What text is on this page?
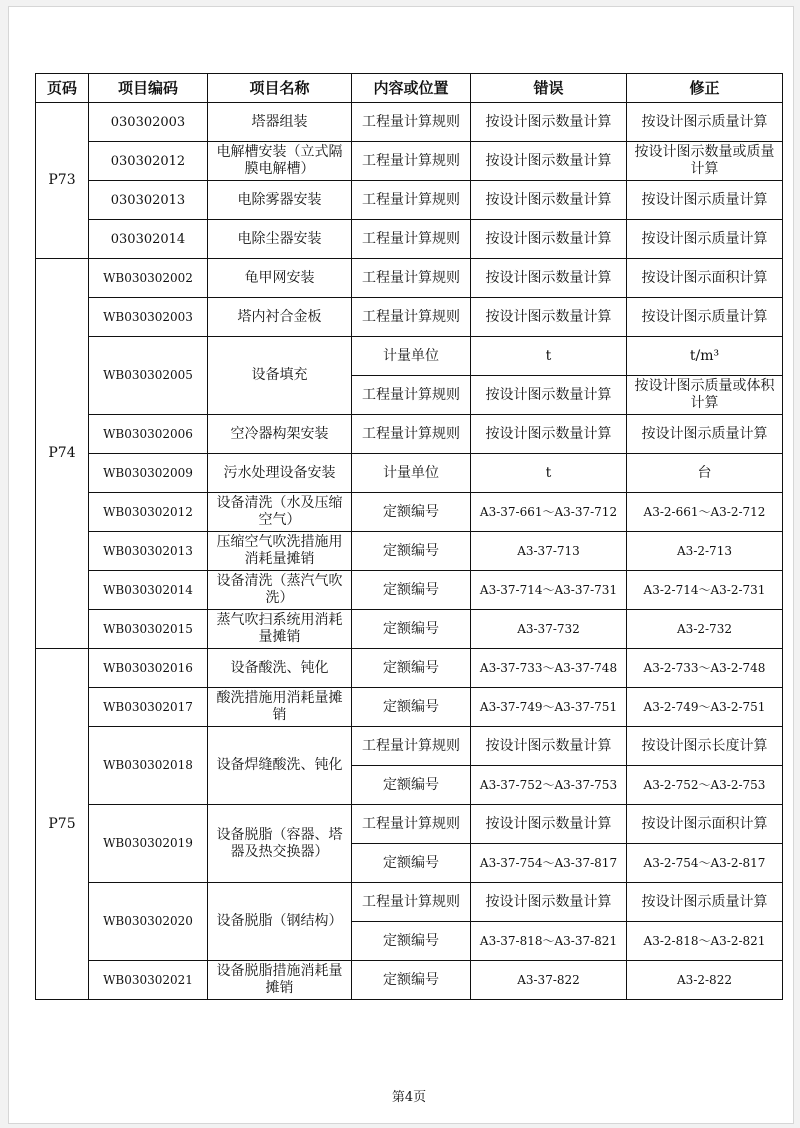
页码	项目编码	项目名称	内容或位置	错误	修正
P73	030302003	塔器组装	工程量计算规则	按设计图示数量计算	按设计图示质量计算
	030302012	电解槽安装（立式隔膜电解槽）	工程量计算规则	按设计图示数量计算	按设计图示数量或质量计算
	030302013	电除雾器安装	工程量计算规则	按设计图示数量计算	按设计图示质量计算
	030302014	电除尘器安装	工程量计算规则	按设计图示数量计算	按设计图示质量计算
P74	WB030302002	龟甲网安装	工程量计算规则	按设计图示数量计算	按设计图示面积计算
	WB030302003	塔内衬合金板	工程量计算规则	按设计图示数量计算	按设计图示质量计算
	WB030302005	设备填充	计量单位	t	t/m³
			工程量计算规则	按设计图示数量计算	按设计图示质量或体积计算
	WB030302006	空冷器构架安装	工程量计算规则	按设计图示数量计算	按设计图示质量计算
	WB030302009	污水处理设备安装	计量单位	t	台
	WB030302012	设备清洗（水及压缩空气）	定额编号	A3-37-661～A3-37-712	A3-2-661～A3-2-712
	WB030302013	压缩空气吹洗措施用消耗量摊销	定额编号	A3-37-713	A3-2-713
	WB030302014	设备清洗（蒸汽气吹洗）	定额编号	A3-37-714～A3-37-731	A3-2-714～A3-2-731
	WB030302015	蒸气吹扫系统用消耗量摊销	定额编号	A3-37-732	A3-2-732
P75	WB030302016	设备酸洗、钝化	定额编号	A3-37-733～A3-37-748	A3-2-733～A3-2-748
	WB030302017	酸洗措施用消耗量摊销	定额编号	A3-37-749～A3-37-751	A3-2-749～A3-2-751
	WB030302018	设备焊缝酸洗、钝化	工程量计算规则	按设计图示数量计算	按设计图示长度计算
			定额编号	A3-37-752～A3-37-753	A3-2-752～A3-2-753
	WB030302019	设备脱脂（容器、塔器及热交换器）	工程量计算规则	按设计图示数量计算	按设计图示面积计算
			定额编号	A3-37-754～A3-37-817	A3-2-754～A3-2-817
	WB030302020	设备脱脂（钢结构）	工程量计算规则	按设计图示数量计算	按设计图示质量计算
			定额编号	A3-37-818～A3-37-821	A3-2-818～A3-2-821
	WB030302021	设备脱脂措施消耗量摊销	定额编号	A3-37-822	A3-2-822
第4页
